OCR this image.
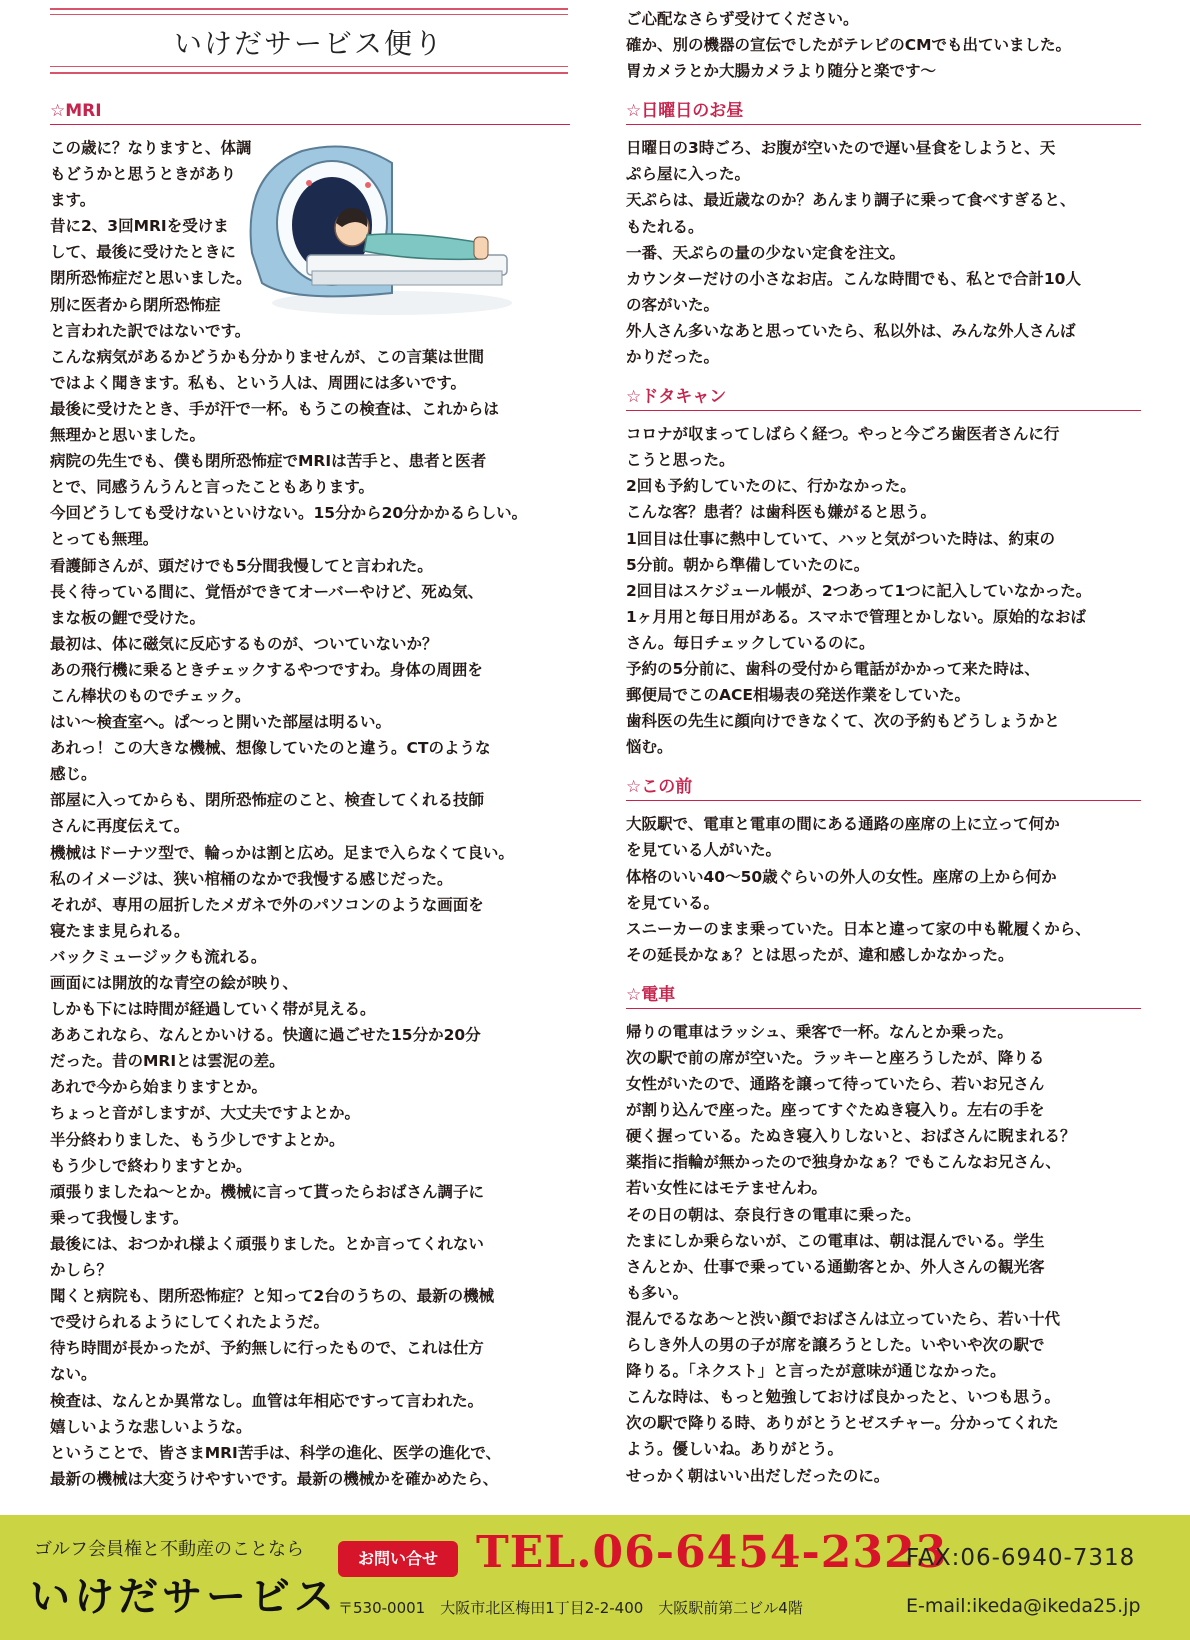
いけだサービス便り
☆MRI
この歳に？なりますと、体調
もどうかと思うときがあり
ます。
昔に2、3回MRIを受けま
して、最後に受けたときに
閉所恐怖症だと思いました。
別に医者から閉所恐怖症
と言われた訳ではないです。
こんな病気があるかどうかも分かりませんが、この言葉は世間
ではよく聞きます。私も、という人は、周囲には多いです。
最後に受けたとき、手が汗で一杯。もうこの検査は、これからは
無理かと思いました。
病院の先生でも、僕も閉所恐怖症でMRIは苦手と、患者と医者
とで、同感うんうんと言ったこともあります。
今回どうしても受けないといけない。15分から20分かかるらしい。
とっても無理。
看護師さんが、頭だけでも5分間我慢してと言われた。
長く待っている間に、覚悟ができてオーバーやけど、死ぬ気、
まな板の鯉で受けた。
最初は、体に磁気に反応するものが、ついていないか？
あの飛行機に乗るときチェックするやつですわ。身体の周囲を
こん棒状のものでチェック。
はい～検査室へ。ぱ～っと開いた部屋は明るい。
あれっ！この大きな機械、想像していたのと違う。CTのような
感じ。
部屋に入ってからも、閉所恐怖症のこと、検査してくれる技師
さんに再度伝えて。
機械はドーナツ型で、輪っかは割と広め。足まで入らなくて良い。
私のイメージは、狭い棺桶のなかで我慢する感じだった。
それが、専用の屈折したメガネで外のパソコンのような画面を
寝たまま見られる。
バックミュージックも流れる。
画面には開放的な青空の絵が映り、
しかも下には時間が経過していく帯が見える。
ああこれなら、なんとかいける。快適に過ごせた15分か20分
だった。昔のMRIとは雲泥の差。
あれで今から始まりますとか。
ちょっと音がしますが、大丈夫ですよとか。
半分終わりました、もう少しですよとか。
もう少しで終わりますとか。
頑張りましたね～とか。機械に言って貰ったらおばさん調子に
乗って我慢します。
最後には、おつかれ様よく頑張りました。とか言ってくれない
かしら？
聞くと病院も、閉所恐怖症？と知って2台のうちの、最新の機械
で受けられるようにしてくれたようだ。
待ち時間が長かったが、予約無しに行ったもので、これは仕方
ない。
検査は、なんとか異常なし。血管は年相応ですって言われた。
嬉しいような悲しいような。
ということで、皆さまMRI苦手は、科学の進化、医学の進化で、
最新の機械は大変うけやすいです。最新の機械かを確かめたら、
ご心配なさらず受けてください。
確か、別の機器の宣伝でしたがテレビのCMでも出ていました。
胃カメラとか大腸カメラより随分と楽です～
☆日曜日のお昼
日曜日の3時ごろ、お腹が空いたので遅い昼食をしようと、天
ぷら屋に入った。
天ぷらは、最近歳なのか？あんまり調子に乗って食べすぎると、
もたれる。
一番、天ぷらの量の少ない定食を注文。
カウンターだけの小さなお店。こんな時間でも、私とで合計10人
の客がいた。
外人さん多いなあと思っていたら、私以外は、みんな外人さんば
かりだった。
☆ドタキャン
コロナが収まってしばらく経つ。やっと今ごろ歯医者さんに行
こうと思った。
2回も予約していたのに、行かなかった。
こんな客？患者？は歯科医も嫌がると思う。
1回目は仕事に熱中していて、ハッと気がついた時は、約束の
5分前。朝から準備していたのに。
2回目はスケジュール帳が、2つあって1つに記入していなかった。
1ヶ月用と毎日用がある。スマホで管理とかしない。原始的なおば
さん。毎日チェックしているのに。
予約の5分前に、歯科の受付から電話がかかって来た時は、
郵便局でこのACE相場表の発送作業をしていた。
歯科医の先生に顔向けできなくて、次の予約もどうしょうかと
悩む。
☆この前
大阪駅で、電車と電車の間にある通路の座席の上に立って何か
を見ている人がいた。
体格のいい40～50歳ぐらいの外人の女性。座席の上から何か
を見ている。
スニーカーのまま乗っていた。日本と違って家の中も靴履くから、
その延長かなぁ？とは思ったが、違和感しかなかった。
☆電車
帰りの電車はラッシュ、乗客で一杯。なんとか乗った。
次の駅で前の席が空いた。ラッキーと座ろうしたが、降りる
女性がいたので、通路を譲って待っていたら、若いお兄さん
が割り込んで座った。座ってすぐたぬき寝入り。左右の手を
硬く握っている。たぬき寝入りしないと、おばさんに睨まれる？
薬指に指輪が無かったので独身かなぁ？でもこんなお兄さん、
若い女性にはモテませんわ。
その日の朝は、奈良行きの電車に乗った。
たまにしか乗らないが、この電車は、朝は混んでいる。学生
さんとか、仕事で乗っている通勤客とか、外人さんの観光客
も多い。
混んでるなあ～と渋い顔でおばさんは立っていたら、若い十代
らしき外人の男の子が席を譲ろうとした。いやいや次の駅で
降りる。「ネクスト」と言ったが意味が通じなかった。
こんな時は、もっと勉強しておけば良かったと、いつも思う。
次の駅で降りる時、ありがとうとゼスチャー。分かってくれた
よう。優しいね。ありがとう。
せっかく朝はいい出だしだったのに。
ゴルフ会員権と不動産のことなら
いけだサービス
お問い合せ TEL.06-6454-2323
FAX:06-6940-7318
〒530-0001　大阪市北区梅田1丁目2-2-400　大阪駅前第二ビル4階	E-mail:ikeda@ikeda25.jp
